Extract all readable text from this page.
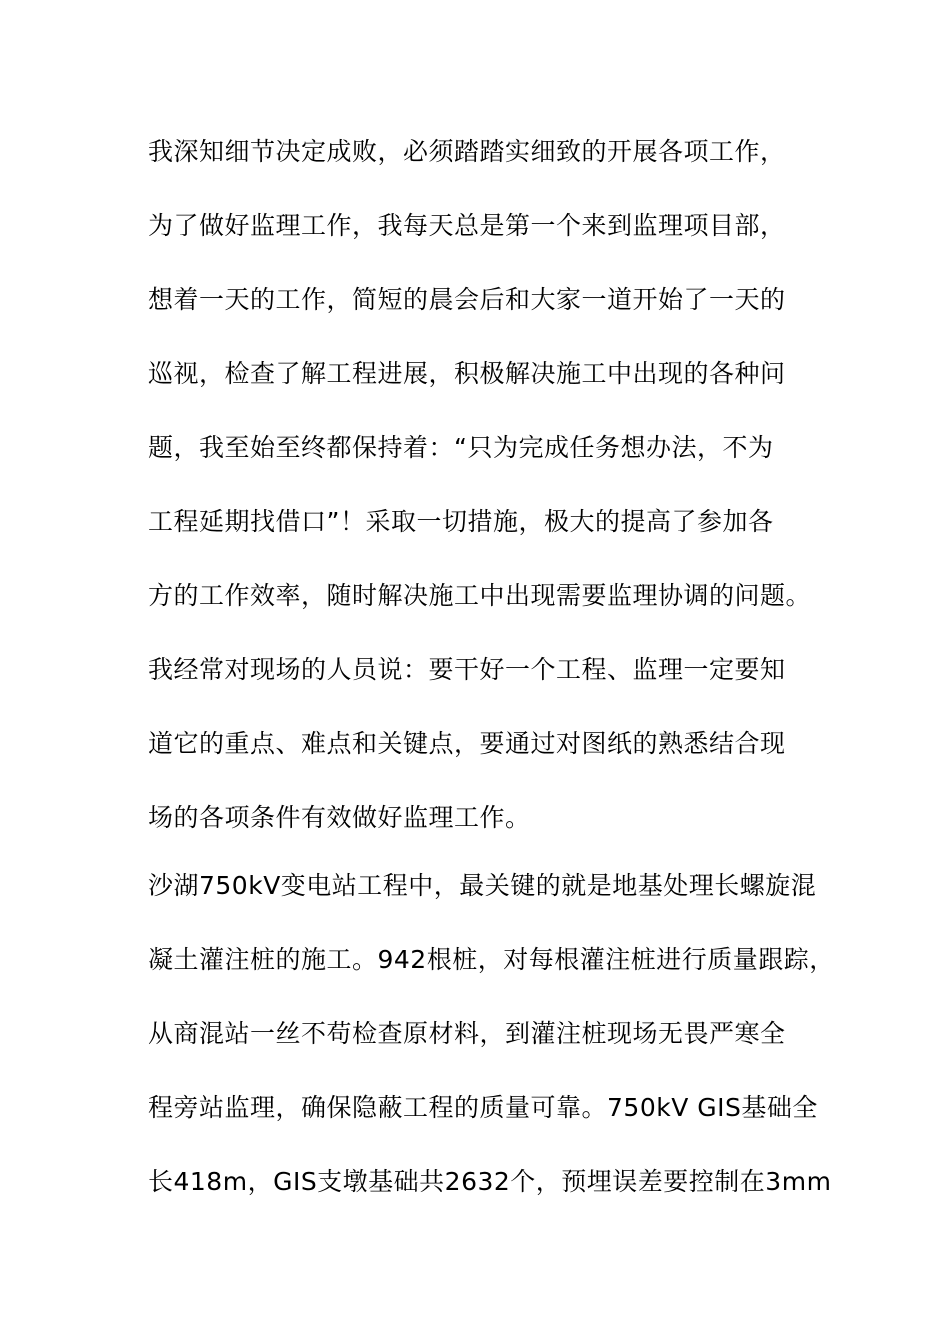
我深知细节决定成败，必须踏踏实细致的开展各项工作，
为了做好监理工作，我每天总是第一个来到监理项目部，
想着一天的工作，简短的晨会后和大家一道开始了一天的
巡视，检查了解工程进展，积极解决施工中出现的各种问
题，我至始至终都保持着：“只为完成任务想办法，不为
工程延期找借口”！采取一切措施，极大的提高了参加各
方的工作效率，随时解决施工中出现需要监理协调的问题。
我经常对现场的人员说：要干好一个工程、监理一定要知
道它的重点、难点和关键点，要通过对图纸的熟悉结合现
场的各项条件有效做好监理工作。
沙湖750kV变电站工程中，最关键的就是地基处理长螺旋混
凝土灌注桩的施工。942根桩，对每根灌注桩进行质量跟踪，
从商混站一丝不苟检查原材料，到灌注桩现场无畏严寒全
程旁站监理，确保隐蔽工程的质量可靠。750kV GIS基础全
长418m，GIS支墩基础共2632个，预埋误差要控制在3mm
